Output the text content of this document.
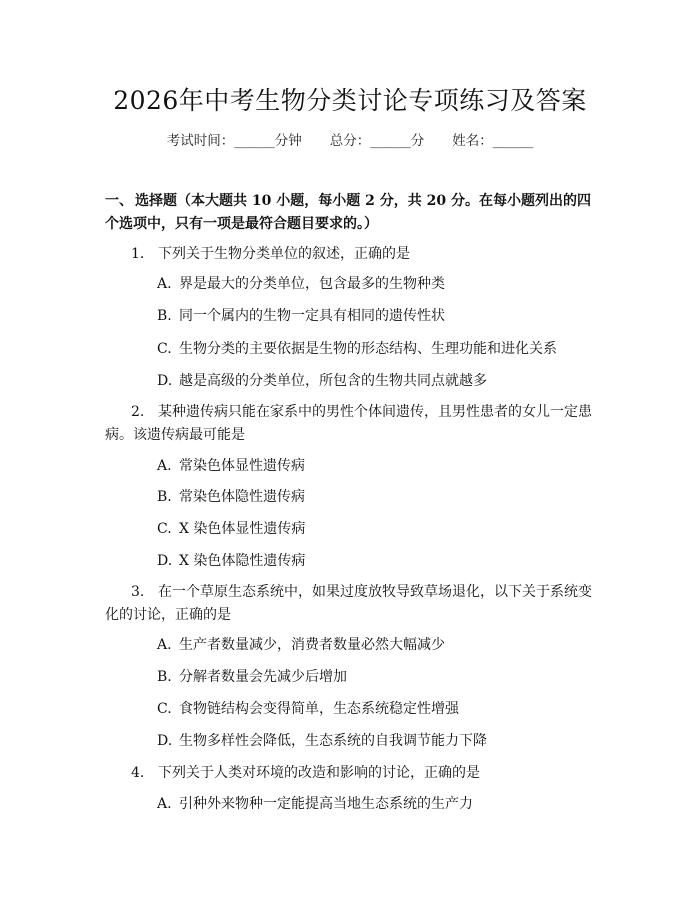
2026年中考生物分类讨论专项练习及答案
考试时间：______分钟 总分：______分 姓名：______
一、 选择题（本大题共 10 小题，每小题 2 分，共 20 分。在每小题列出的四个选项中，只有一项是最符合题目要求的。）
1. 下列关于生物分类单位的叙述，正确的是
A. 界是最大的分类单位，包含最多的生物种类
B. 同一个属内的生物一定具有相同的遗传性状
C. 生物分类的主要依据是生物的形态结构、生理功能和进化关系
D. 越是高级的分类单位，所包含的生物共同点就越多
2. 某种遗传病只能在家系中的男性个体间遗传，且男性患者的女儿一定患病。该遗传病最可能是
A. 常染色体显性遗传病
B. 常染色体隐性遗传病
C. X 染色体显性遗传病
D. X 染色体隐性遗传病
3. 在一个草原生态系统中，如果过度放牧导致草场退化，以下关于系统变化的讨论，正确的是
A. 生产者数量减少，消费者数量必然大幅减少
B. 分解者数量会先减少后增加
C. 食物链结构会变得简单，生态系统稳定性增强
D. 生物多样性会降低，生态系统的自我调节能力下降
4. 下列关于人类对环境的改造和影响的讨论，正确的是
A. 引种外来物种一定能提高当地生态系统的生产力
